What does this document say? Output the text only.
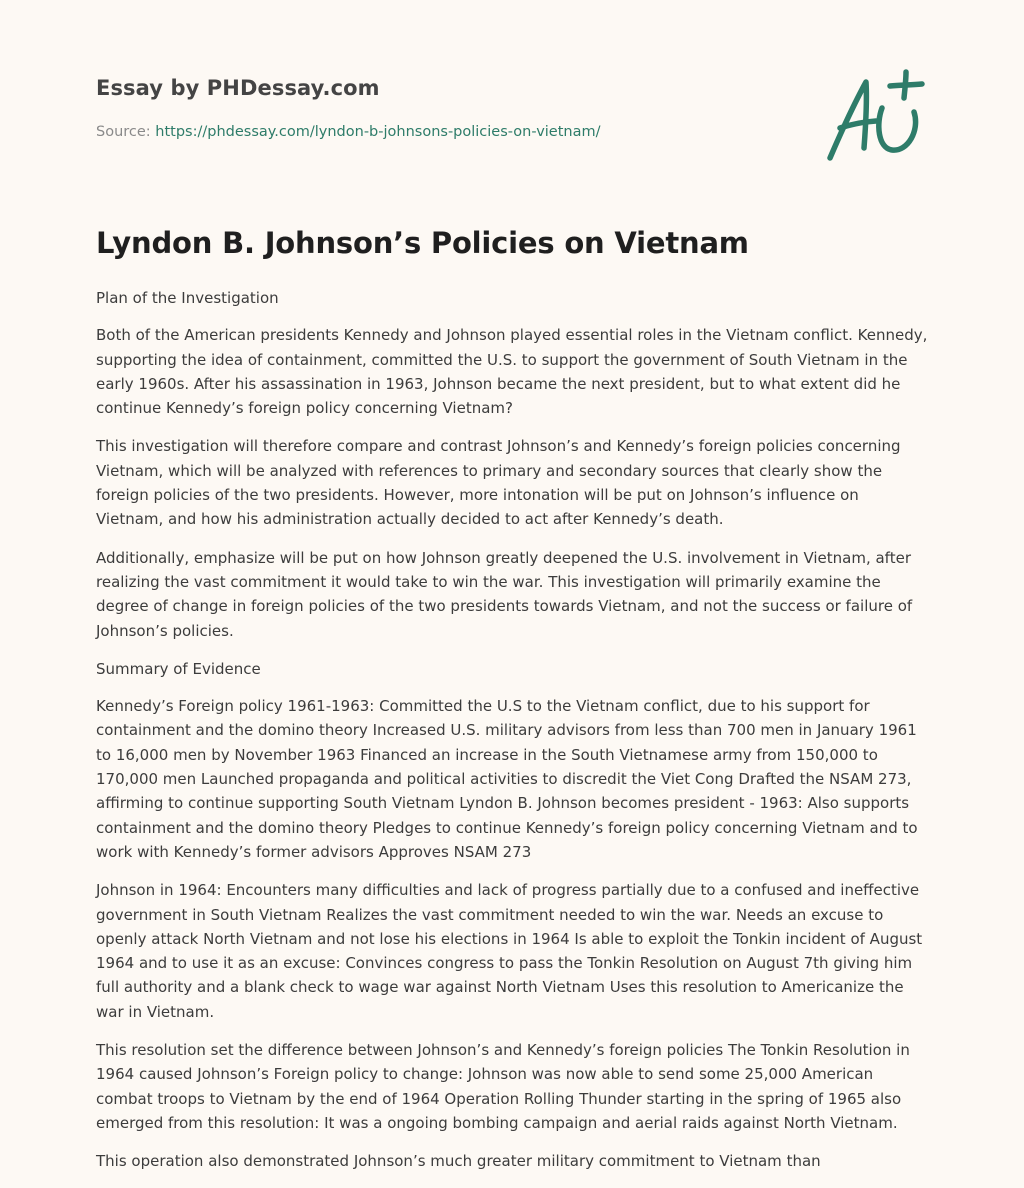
Essay by PHDessay.com
Source: https://phdessay.com/lyndon-b-johnsons-policies-on-vietnam/
Lyndon B. Johnson’s Policies on Vietnam

Plan of the Investigation

Both of the American presidents Kennedy and Johnson played essential roles in the Vietnam conflict. Kennedy, supporting the idea of containment, committed the U.S. to support the government of South Vietnam in the early 1960s. After his assassination in 1963, Johnson became the next president, but to what extent did he continue Kennedy’s foreign policy concerning Vietnam?

This investigation will therefore compare and contrast Johnson’s and Kennedy’s foreign policies concerning Vietnam, which will be analyzed with references to primary and secondary sources that clearly show the foreign policies of the two presidents. However, more intonation will be put on Johnson’s influence on Vietnam, and how his administration actually decided to act after Kennedy’s death.

Additionally, emphasize will be put on how Johnson greatly deepened the U.S. involvement in Vietnam, after realizing the vast commitment it would take to win the war. This investigation will primarily examine the degree of change in foreign policies of the two presidents towards Vietnam, and not the success or failure of Johnson’s policies.

Summary of Evidence

Kennedy’s Foreign policy 1961-1963: Committed the U.S to the Vietnam conflict, due to his support for containment and the domino theory Increased U.S. military advisors from less than 700 men in January 1961 to 16,000 men by November 1963 Financed an increase in the South Vietnamese army from 150,000 to 170,000 men Launched propaganda and political activities to discredit the Viet Cong Drafted the NSAM 273, affirming to continue supporting South Vietnam Lyndon B. Johnson becomes president - 1963: Also supports containment and the domino theory Pledges to continue Kennedy’s foreign policy concerning Vietnam and to work with Kennedy’s former advisors Approves NSAM 273

Johnson in 1964: Encounters many difficulties and lack of progress partially due to a confused and ineffective government in South Vietnam Realizes the vast commitment needed to win the war. Needs an excuse to openly attack North Vietnam and not lose his elections in 1964 Is able to exploit the Tonkin incident of August 1964 and to use it as an excuse: Convinces congress to pass the Tonkin Resolution on August 7th giving him full authority and a blank check to wage war against North Vietnam Uses this resolution to Americanize the war in Vietnam.

This resolution set the difference between Johnson’s and Kennedy’s foreign policies The Tonkin Resolution in 1964 caused Johnson’s Foreign policy to change: Johnson was now able to send some 25,000 American combat troops to Vietnam by the end of 1964 Operation Rolling Thunder starting in the spring of 1965 also emerged from this resolution: It was a ongoing bombing campaign and aerial raids against North Vietnam.

This operation also demonstrated Johnson’s much greater military commitment to Vietnam than
